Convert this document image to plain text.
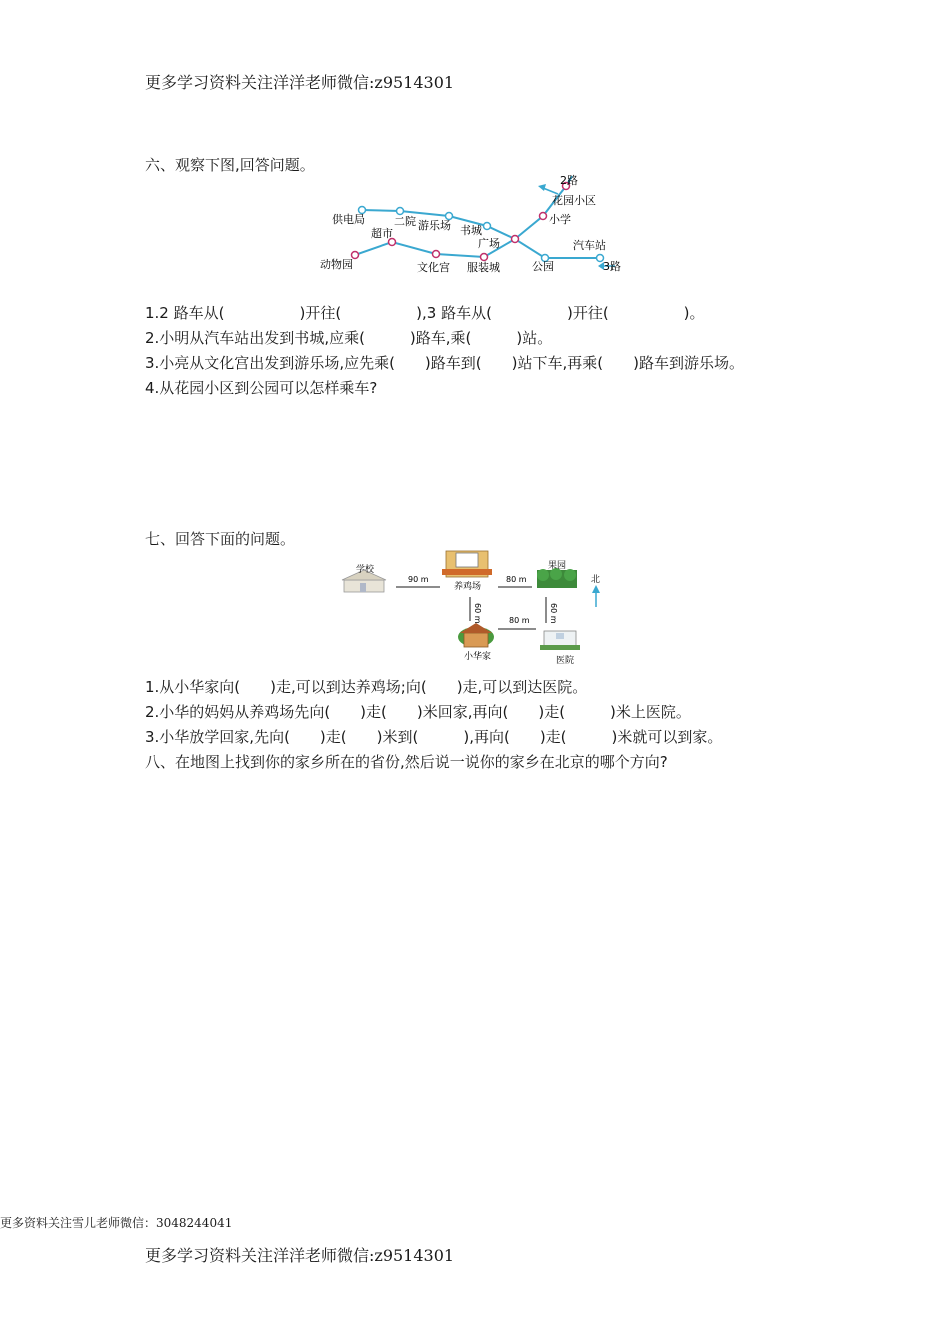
更多学习资料关注洋洋老师微信:z9514301
六、观察下图,回答问题。
供电局	二院
超市
游乐场 书城
广场
动物园	文化宫 服装城	公园
小学
花园小区
汽车站
2路
3路
1.2 路车从(　　　　　)开往(　　　　　),3 路车从(　　　　　)开往(　　　　　)。
2.小明从汽车站出发到书城,应乘(　　　)路车,乘(　　　)站。
3.小亮从文化宫出发到游乐场,应先乘(　　)路车到(　　)站下车,再乘(　　)路车到游乐场。
4.从花园小区到公园可以怎样乘车?
七、回答下面的问题。
学校
养鸡场
果园
北
小华家	医院
90 m	80 m
80 m
60 m	60 m
1.从小华家向(　　)走,可以到达养鸡场;向(　　)走,可以到达医院。
2.小华的妈妈从养鸡场先向(　　)走(　　)米回家,再向(　　)走(　　　)米上医院。
3.小华放学回家,先向(　　)走(　　)米到(　　　),再向(　　)走(　　　)米就可以到家。
八、在地图上找到你的家乡所在的省份,然后说一说你的家乡在北京的哪个方向?
更多资料关注雪儿老师微信：3048244041
更多学习资料关注洋洋老师微信:z9514301
